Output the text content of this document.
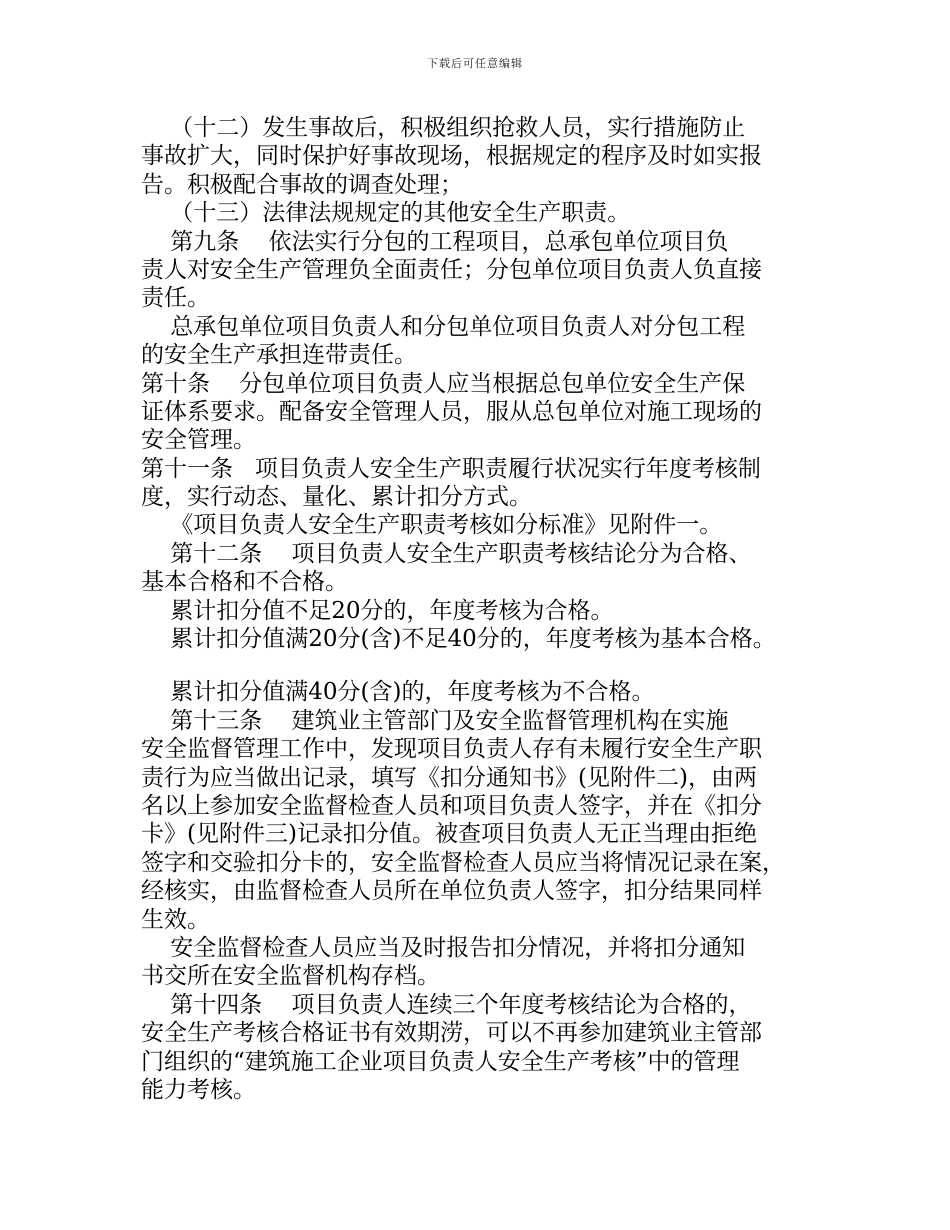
下载后可任意编辑
（十二）发生事故后，积极组织抢救人员，实行措施防止
事故扩大，同时保护好事故现场，根据规定的程序及时如实报
告。积极配合事故的调查处理；
（十三）法律法规规定的其他安全生产职责。
第九条    依法实行分包的工程项目，总承包单位项目负
责人对安全生产管理负全面责任；分包单位项目负责人负直接
责任。
总承包单位项目负责人和分包单位项目负责人对分包工程
的安全生产承担连带责任。
第十条    分包单位项目负责人应当根据总包单位安全生产保
证体系要求。配备安全管理人员，服从总包单位对施工现场的
安全管理。
第十一条   项目负责人安全生产职责履行状况实行年度考核制
度，实行动态、量化、累计扣分方式。
《项目负责人安全生产职责考核如分标准》见附件一。
第十二条    项目负责人安全生产职责考核结论分为合格、
基本合格和不合格。
累计扣分值不足20分的，年度考核为合格。
累计扣分值满20分(含)不足40分的，年度考核为基本合格。
累计扣分值满40分(含)的，年度考核为不合格。
第十三条    建筑业主管部门及安全监督管理机构在实施
安全监督管理工作中，发现项目负责人存有未履行安全生产职
责行为应当做出记录，填写《扣分通知书》(见附件二)，由两
名以上参加安全监督检查人员和项目负责人签字，并在《扣分
卡》(见附件三)记录扣分值。被查项目负责人无正当理由拒绝
签字和交验扣分卡的，安全监督检查人员应当将情况记录在案，
经核实，由监督检查人员所在单位负责人签字，扣分结果同样
生效。
安全监督检查人员应当及时报告扣分情况，并将扣分通知
书交所在安全监督机构存档。
第十四条    项目负责人连续三个年度考核结论为合格的，
安全生产考核合格证书有效期涝，可以不再参加建筑业主管部
门组织的“建筑施工企业项目负责人安全生产考核”中的管理
能力考核。
